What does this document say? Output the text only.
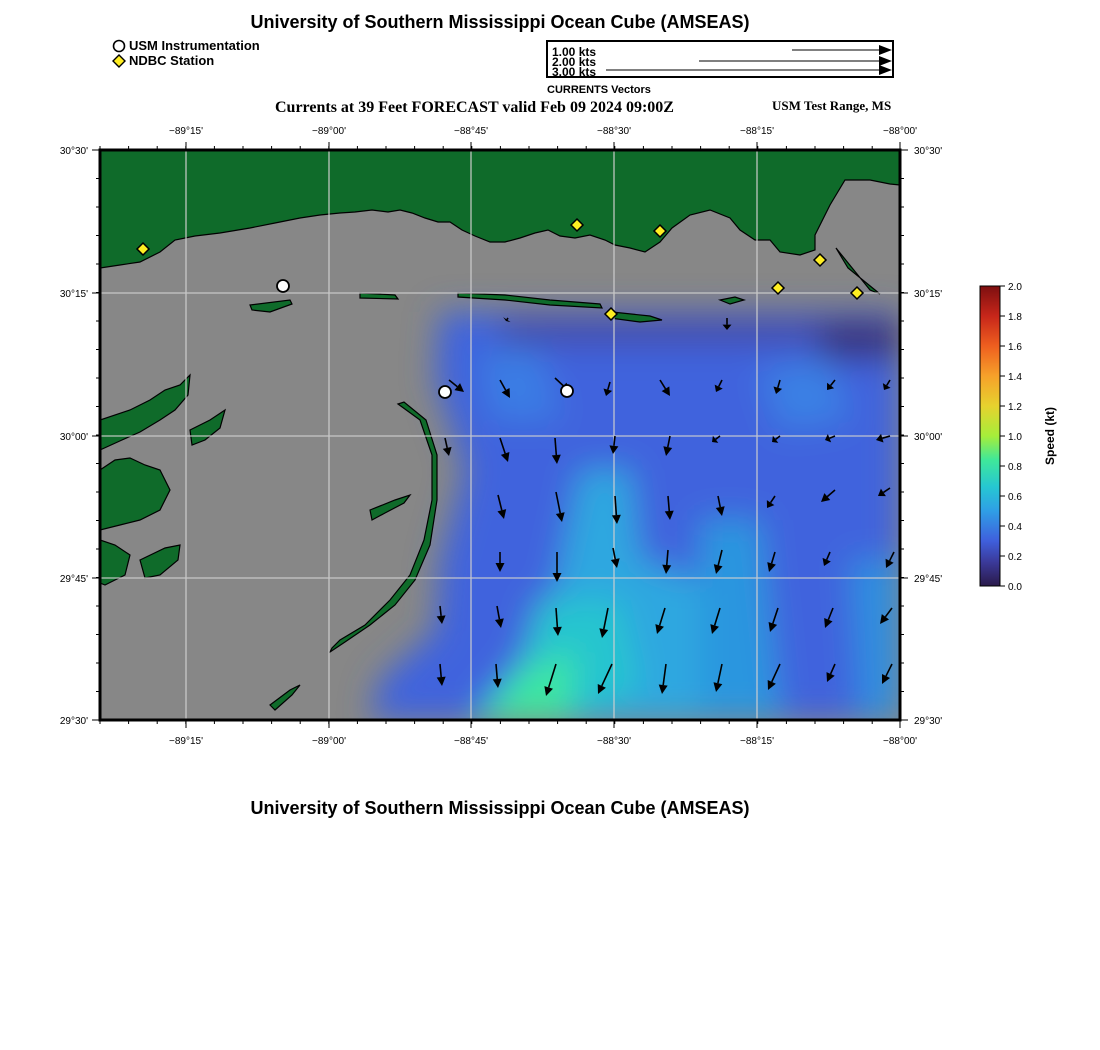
University of Southern Mississippi Ocean Cube (AMSEAS)
USM Instrumentation
NDBC Station
1.00 kts
2.00 kts
3.00 kts
CURRENTS Vectors
Currents at 39 Feet FORECAST valid Feb 09 2024 09:00Z	USM Test Range, MS
−89°15'	−89°00'	−88°45'	−88°30'	−88°15'	−88°00'
−89°15'	−89°00'	−88°45'	−88°30'	−88°15'	−88°00'
30°30'
30°15'
30°00'
29°45'
29°30'
30°30'
30°15'
30°00'
29°45'
29°30'
2.0
1.8
1.6
1.4
1.2
1.0
0.8
0.6
0.4
0.2
0.0
Speed (kt)
University of Southern Mississippi Ocean Cube (AMSEAS)
